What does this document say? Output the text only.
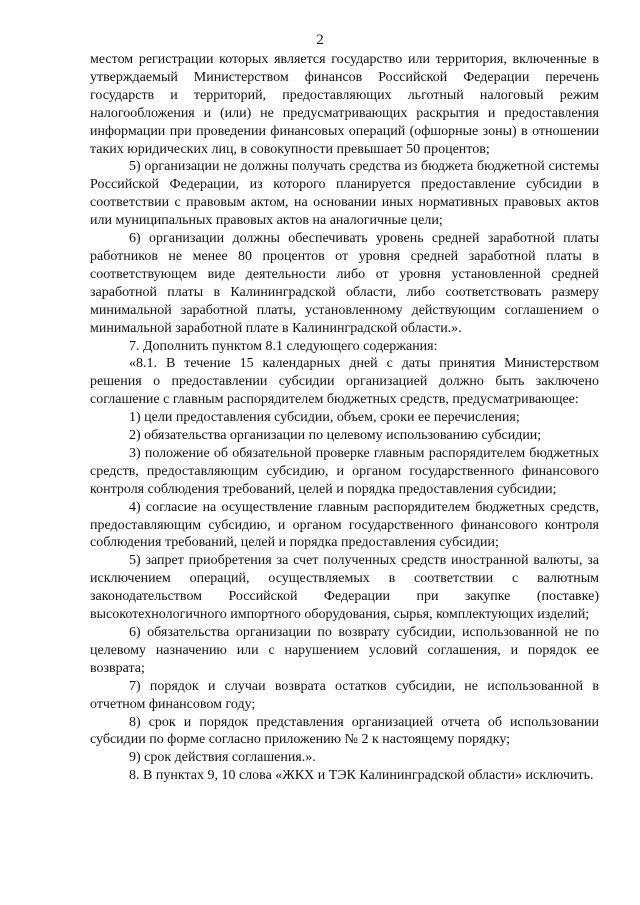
2

местом регистрации которых является государство или территория, включенные в утверждаемый Министерством финансов Российской Федерации перечень государств и территорий, предоставляющих льготный налоговый режим налогообложения и (или) не предусматривающих раскрытия и предоставления информации при проведении финансовых операций (офшорные зоны) в отношении таких юридических лиц, в совокупности превышает 50 процентов;

5) организации не должны получать средства из бюджета бюджетной системы Российской Федерации, из которого планируется предоставление субсидии в соответствии с правовым актом, на основании иных нормативных правовых актов или муниципальных правовых актов на аналогичные цели;

6) организации должны обеспечивать уровень средней заработной платы работников не менее 80 процентов от уровня средней заработной платы в соответствующем виде деятельности либо от уровня установленной средней заработной платы в Калининградской области, либо соответствовать размеру минимальной заработной платы, установленному действующим соглашением о минимальной заработной плате в Калининградской области.».

7. Дополнить пунктом 8.1 следующего содержания:

«8.1. В течение 15 календарных дней с даты принятия Министерством решения о предоставлении субсидии организацией должно быть заключено соглашение с главным распорядителем бюджетных средств, предусматривающее:

1) цели предоставления субсидии, объем, сроки ее перечисления;

2) обязательства организации по целевому использованию субсидии;

3) положение об обязательной проверке главным распорядителем бюджетных средств, предоставляющим субсидию, и органом государственного финансового контроля соблюдения требований, целей и порядка предоставления субсидии;

4) согласие на осуществление главным распорядителем бюджетных средств, предоставляющим субсидию, и органом государственного финансового контроля соблюдения требований, целей и порядка предоставления субсидии;

5) запрет приобретения за счет полученных средств иностранной валюты, за исключением операций, осуществляемых в соответствии с валютным законодательством Российской Федерации при закупке (поставке) высокотехнологичного импортного оборудования, сырья, комплектующих изделий;

6) обязательства организации по возврату субсидии, использованной не по целевому назначению или с нарушением условий соглашения, и порядок ее возврата;

7) порядок и случаи возврата остатков субсидии, не использованной в отчетном финансовом году;

8) срок и порядок представления организацией отчета об использовании субсидии по форме согласно приложению № 2 к настоящему порядку;

9) срок действия соглашения.».

8. В пунктах 9, 10 слова «ЖКХ и ТЭК Калининградской области» исключить.
